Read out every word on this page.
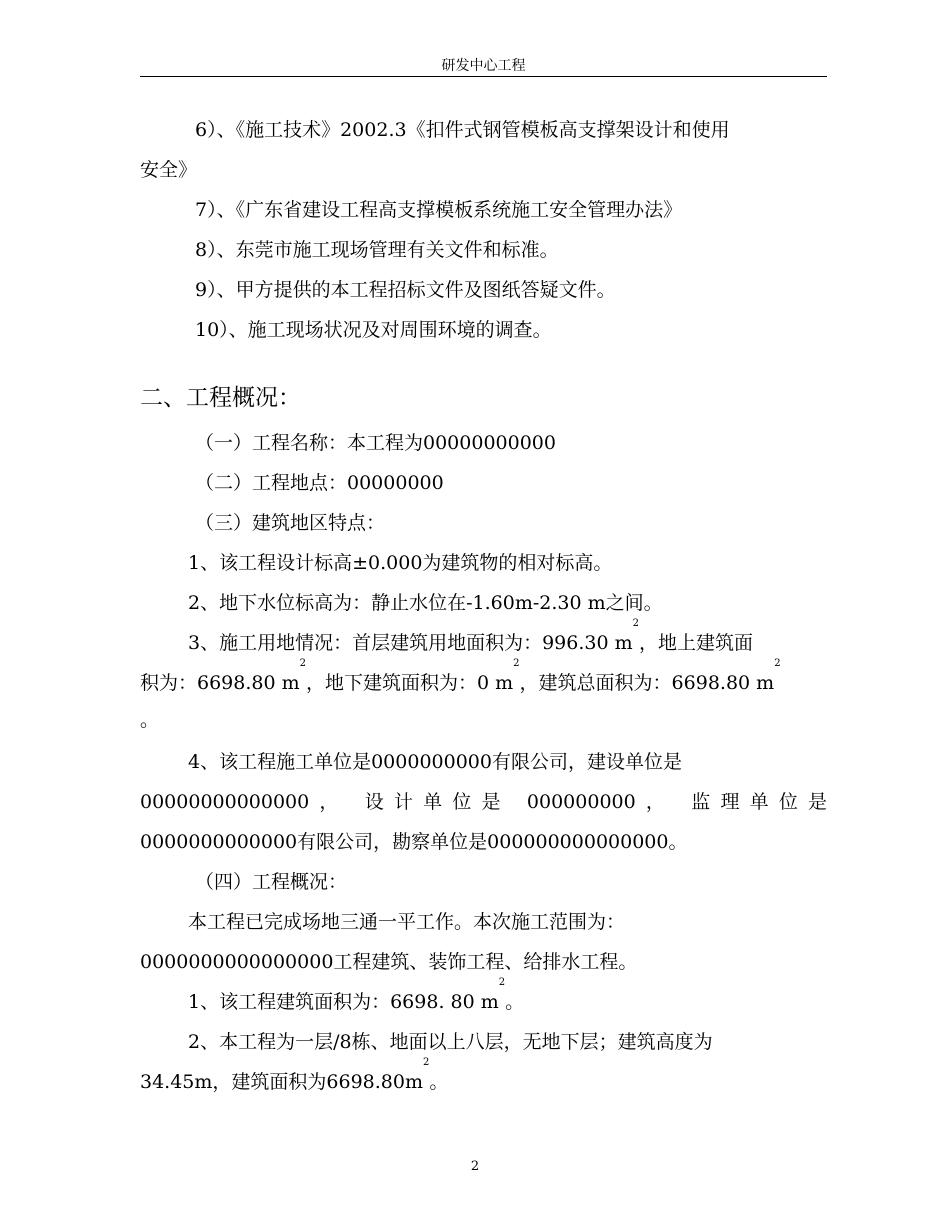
研发中心工程
6）、《施工技术》2002.3《扣件式钢管模板高支撑架设计和使用
安全》
7）、《广东省建设工程高支撑模板系统施工安全管理办法》
8）、东莞市施工现场管理有关文件和标准。
9）、甲方提供的本工程招标文件及图纸答疑文件。
10）、施工现场状况及对周围环境的调查。
二、工程概况：
（一）工程名称：本工程为00000000000
（二）工程地点：00000000
（三）建筑地区特点：
1、该工程设计标高±0.000为建筑物的相对标高。
2、地下水位标高为：静止水位在-1.60m-2.30 m之间。
3、施工用地情况：首层建筑用地面积为：996.30 $m^2$，地上建筑面
积为：6698.80 $m^2$，地下建筑面积为：0 $m^2$，建筑总面积为：6698.80 $m^2$
。
4、该工程施工单位是0000000000有限公司，建设单位是
00000000000000， 设计单位是 000000000， 监理单位是
0000000000000有限公司，勘察单位是000000000000000。
（四）工程概况：
本工程已完成场地三通一平工作。本次施工范围为：
0000000000000000工程建筑、装饰工程、给排水工程。
1、该工程建筑面积为：6698. 80 $m^2$。
2、本工程为一层/8栋、地面以上八层，无地下层；建筑高度为
34.45m，建筑面积为$6698.80m^2$。
2
